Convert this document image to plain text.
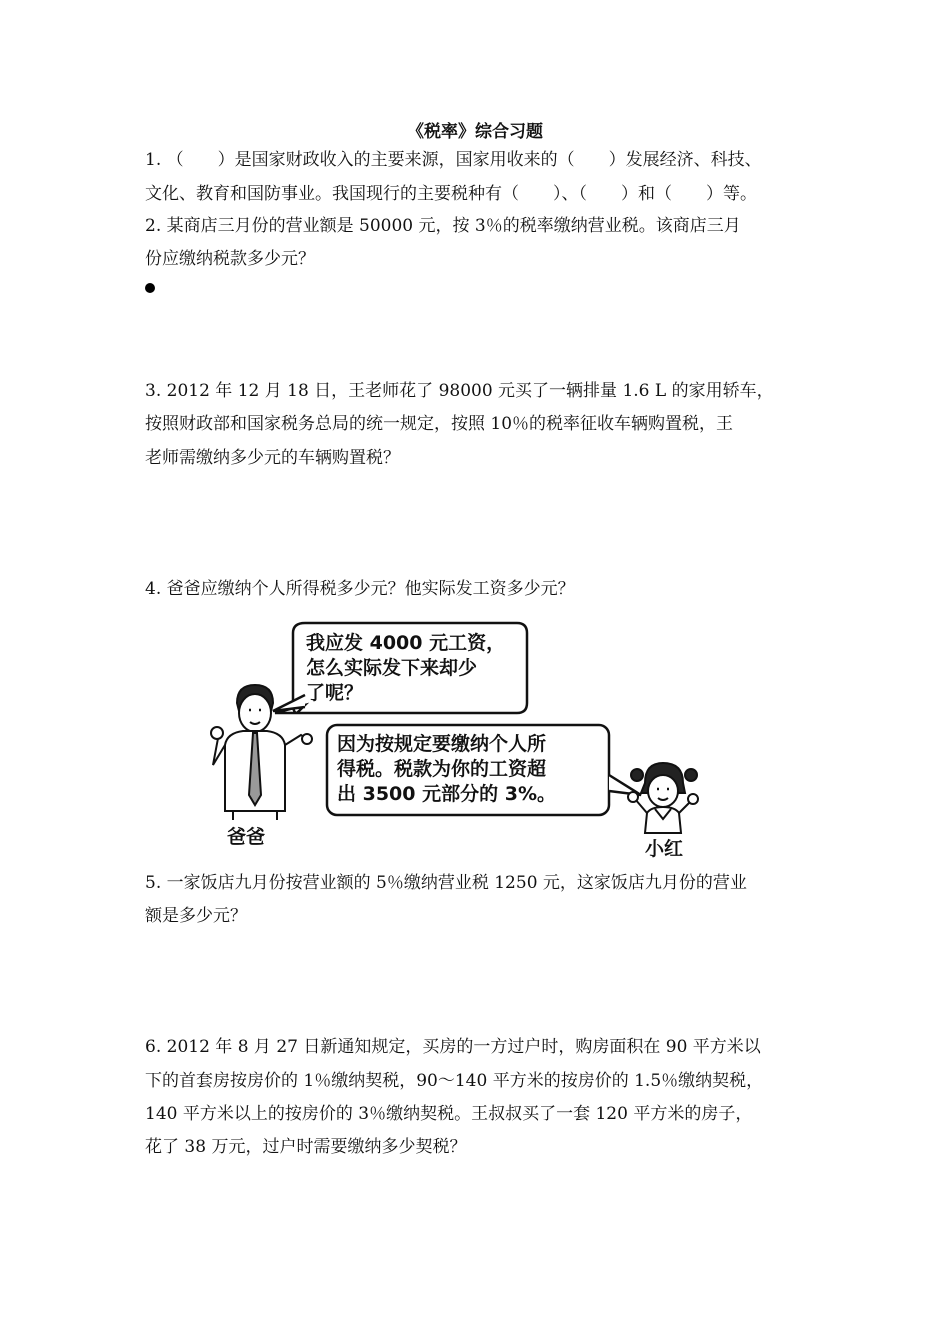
《税率》综合习题
1. （　　）是国家财政收入的主要来源，国家用收来的（　　）发展经济、科技、
文化、教育和国防事业。我国现行的主要税种有（　　）、（　　）和（　　）等。
2. 某商店三月份的营业额是 50000 元，按 3％的税率缴纳营业税。该商店三月
份应缴纳税款多少元？
3. 2012 年 12 月 18 日，王老师花了 98000 元买了一辆排量 1.6 L 的家用轿车，
按照财政部和国家税务总局的统一规定，按照 10％的税率征收车辆购置税，王
老师需缴纳多少元的车辆购置税？
4. 爸爸应缴纳个人所得税多少元？他实际发工资多少元？
我应发 4000 元工资，
怎么实际发下来却少
了呢？
因为按规定要缴纳个人所
得税。税款为你的工资超
出 3500 元部分的 3%。
爸爸
小红
5. 一家饭店九月份按营业额的 5％缴纳营业税 1250 元，这家饭店九月份的营业
额是多少元？
6. 2012 年 8 月 27 日新通知规定，买房的一方过户时，购房面积在 90 平方米以
下的首套房按房价的 1％缴纳契税，90～140 平方米的按房价的 1.5％缴纳契税，
140 平方米以上的按房价的 3％缴纳契税。王叔叔买了一套 120 平方米的房子，
花了 38 万元，过户时需要缴纳多少契税？
